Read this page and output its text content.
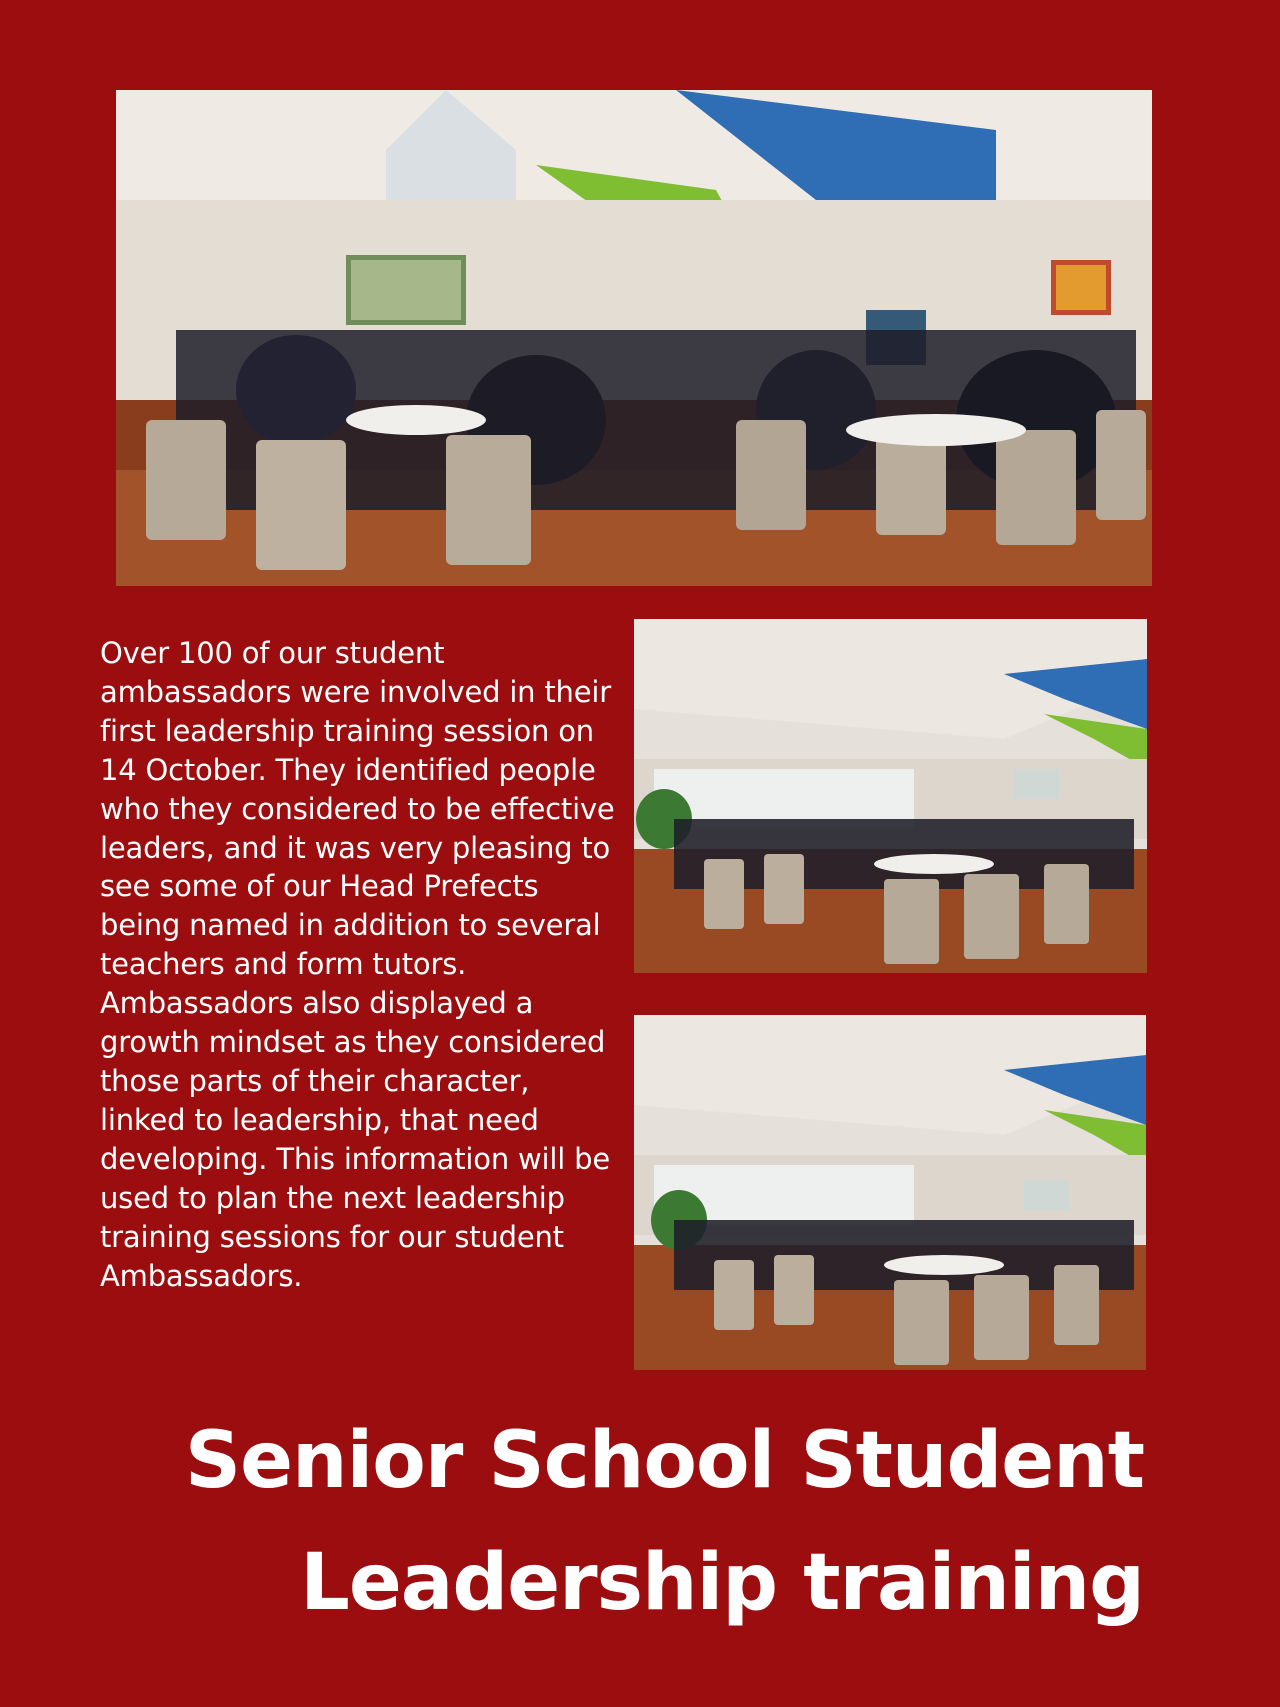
Over 100 of our student ambassadors were involved in their first leadership training session on 14 October. They identified people who they considered to be effective leaders, and it was very pleasing to see some of our Head Prefects being named in addition to several teachers and form tutors. Ambassadors also displayed a growth mindset as they considered those parts of their character, linked to leadership, that need developing. This information will be used to plan the next leadership training sessions for our student Ambassadors.

Senior School Student Leadership training
